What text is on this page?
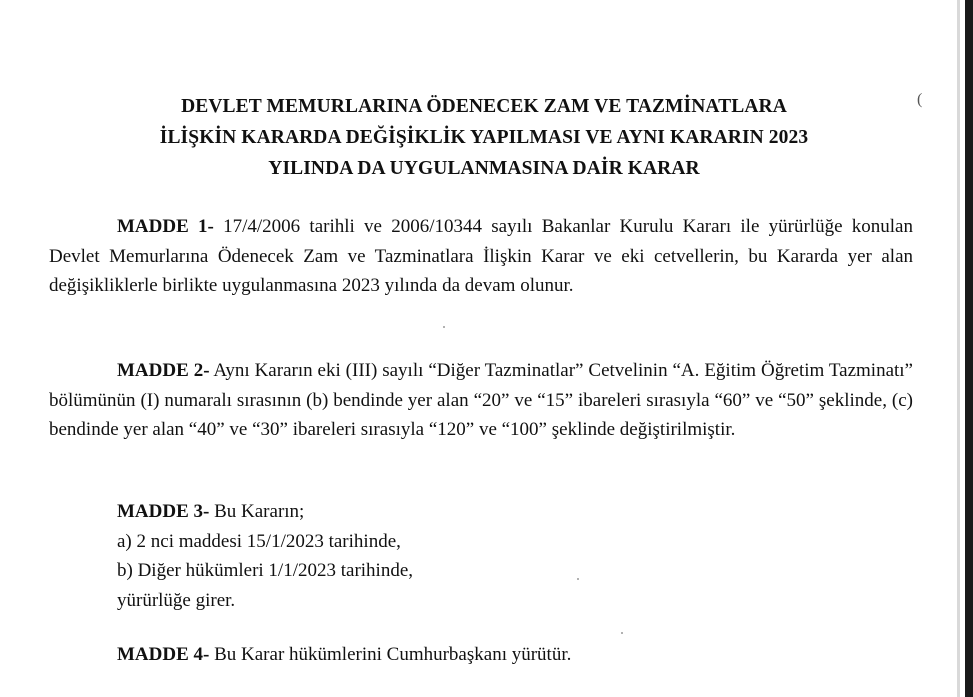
(
DEVLET MEMURLARINA ÖDENECEK ZAM VE TAZMİNATLARA
İLİŞKİN KARARDA DEĞİŞİKLİK YAPILMASI VE AYNI KARARIN 2023
YILINDA DA UYGULANMASINA DAİR KARAR

MADDE 1- 17/4/2006 tarihli ve 2006/10344 sayılı Bakanlar Kurulu Kararı ile yürürlüğe konulan Devlet Memurlarına Ödenecek Zam ve Tazminatlara İlişkin Karar ve eki cetvellerin, bu Kararda yer alan değişikliklerle birlikte uygulanmasına 2023 yılında da devam olunur.

MADDE 2- Aynı Kararın eki (III) sayılı “Diğer Tazminatlar” Cetvelinin “A. Eğitim Öğretim Tazminatı” bölümünün (I) numaralı sırasının (b) bendinde yer alan “20” ve “15” ibareleri sırasıyla “60” ve “50” şeklinde, (c) bendinde yer alan “40” ve “30” ibareleri sırasıyla “120” ve “100” şeklinde değiştirilmiştir.

MADDE 3- Bu Kararın;
a) 2 nci maddesi 15/1/2023 tarihinde,
b) Diğer hükümleri 1/1/2023 tarihinde,
yürürlüğe girer.
MADDE 4- Bu Karar hükümlerini Cumhurbaşkanı yürütür.
